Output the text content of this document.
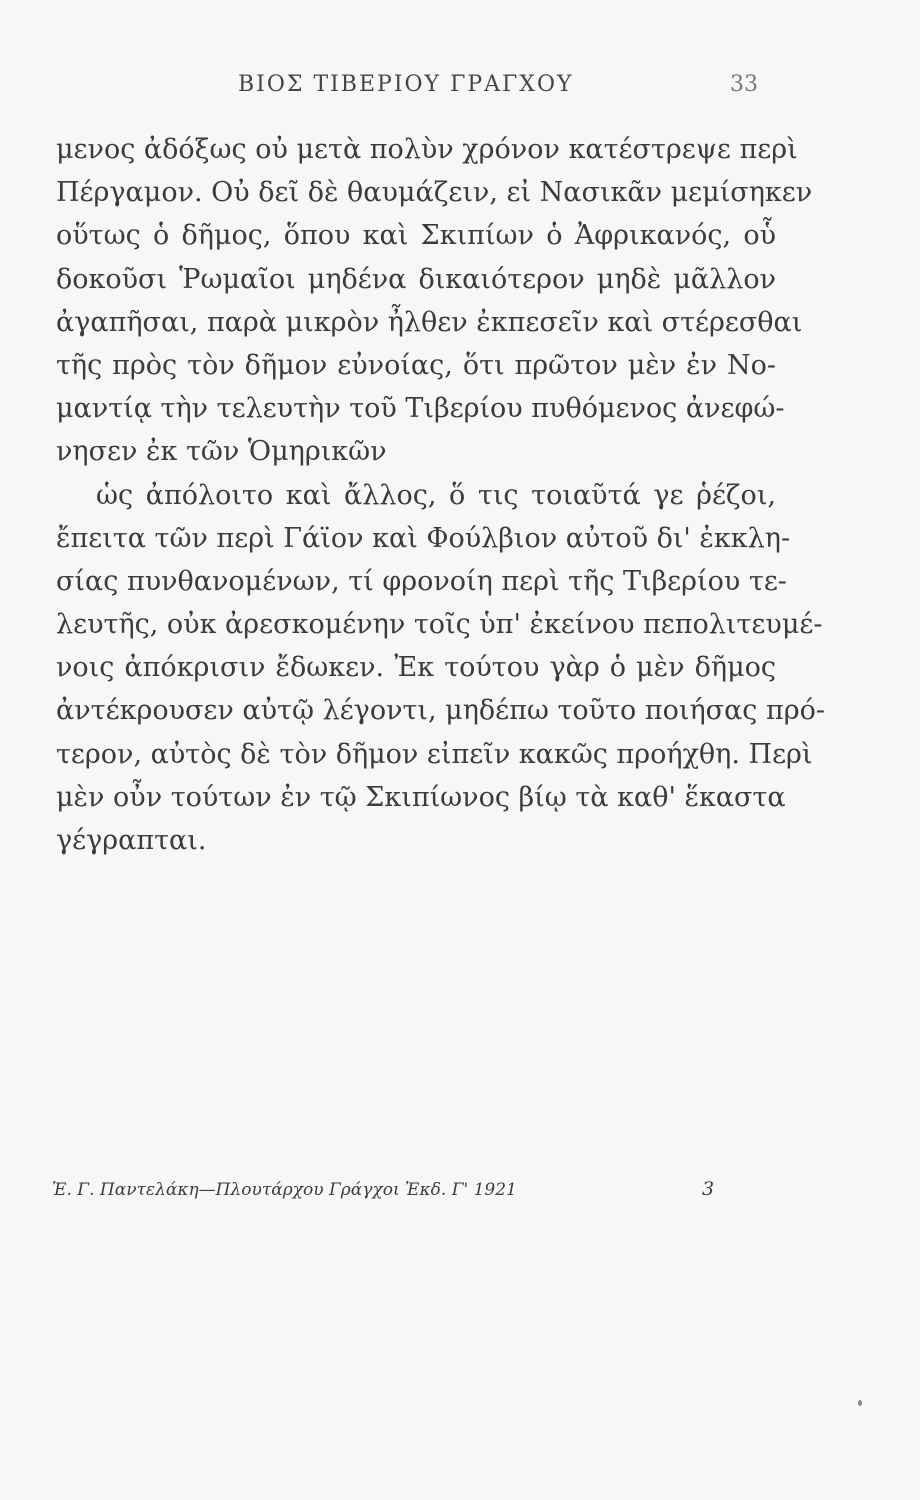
ΒΙΟΣ ΤΙΒΕΡΙΟΥ ΓΡΑΓΧΟΥ	33
μενος ἀδόξως οὐ μετὰ πολὺν χρόνον κατέστρεψε περὶ
Πέργαμον. Οὐ δεῖ δὲ θαυμάζειν, εἰ Νασικᾶν μεμίσηκεν
οὕτως ὁ δῆμος, ὅπου καὶ Σκιπίων ὁ Ἀφρικανός, οὗ
δοκοῦσι Ῥωμαῖοι μηδένα δικαιότερον μηδὲ μᾶλλον
ἀγαπῆσαι, παρὰ μικρὸν ἦλθεν ἐκπεσεῖν καὶ στέρεσθαι
τῆς πρὸς τὸν δῆμον εὐνοίας, ὅτι πρῶτον μὲν ἐν Νο-
μαντίᾳ τὴν τελευτὴν τοῦ Τιβερίου πυθόμενος ἀνεφώ-
νησεν ἐκ τῶν Ὁμηρικῶν
ὡς ἀπόλοιτο καὶ ἄλλος, ὅ τις τοιαῦτά γε ῥέζοι,
ἔπειτα τῶν περὶ Γάϊον καὶ Φούλβιον αὐτοῦ δι' ἐκκλη-
σίας πυνθανομένων, τί φρονοίη περὶ τῆς Τιβερίου τε-
λευτῆς, οὐκ ἀρεσκομένην τοῖς ὑπ' ἐκείνου πεπολιτευμέ-
νοις ἀπόκρισιν ἔδωκεν. Ἐκ τούτου γὰρ ὁ μὲν δῆμος
ἀντέκρουσεν αὐτῷ λέγοντι, μηδέπω τοῦτο ποιήσας πρό-
τερον, αὐτὸς δὲ τὸν δῆμον εἰπεῖν κακῶς προήχθη. Περὶ
μὲν οὖν τούτων ἐν τῷ Σκιπίωνος βίῳ τὰ καθ' ἕκαστα
γέγραπται.
Ἐ. Γ. Παντελάκη—Πλουτάρχου Γράγχοι Ἐκδ. Γ' 1921	3
